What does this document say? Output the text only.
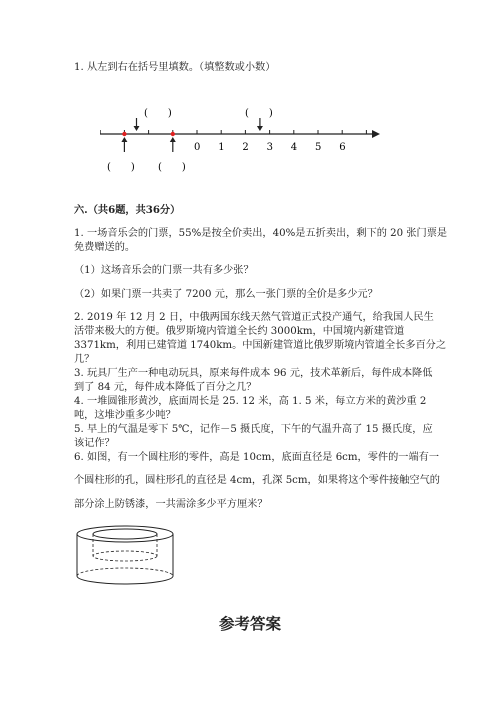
1. 从左到右在括号里填数。（填整数或小数）
0 1 2 3 4 5 6
(　　)	(　　)
(　　) (　　)
六.（共6题，共36分）
1. 一场音乐会的门票，55%是按全价卖出，40%是五折卖出，剩下的 20 张门票是
免费赠送的。
（1）这场音乐会的门票一共有多少张？
（2）如果门票一共卖了 7200 元，那么一张门票的全价是多少元？
2. 2019 年 12 月 2 日，中俄两国东线天然气管道正式投产通气，给我国人民生
活带来极大的方便。俄罗斯境内管道全长约 3000km，中国境内新建管道
3371km，利用已建管道 1740km。中国新建管道比俄罗斯境内管道全长多百分之
几？
3. 玩具厂生产一种电动玩具，原来每件成本 96 元，技术革新后，每件成本降低
到了 84 元，每件成本降低了百分之几？
4. 一堆圆锥形黄沙，底面周长是 25. 12 米，高 1. 5 米，每立方米的黄沙重 2
吨，这堆沙重多少吨？
5. 早上的气温是零下 5℃，记作－5 摄氏度，下午的气温升高了 15 摄氏度，应
该记作？
6. 如图，有一个圆柱形的零件，高是 10cm，底面直径是 6cm，零件的一端有一
个圆柱形的孔，圆柱形孔的直径是 4cm，孔深 5cm，如果将这个零件接触空气的
部分涂上防锈漆，一共需涂多少平方厘米？
参考答案
